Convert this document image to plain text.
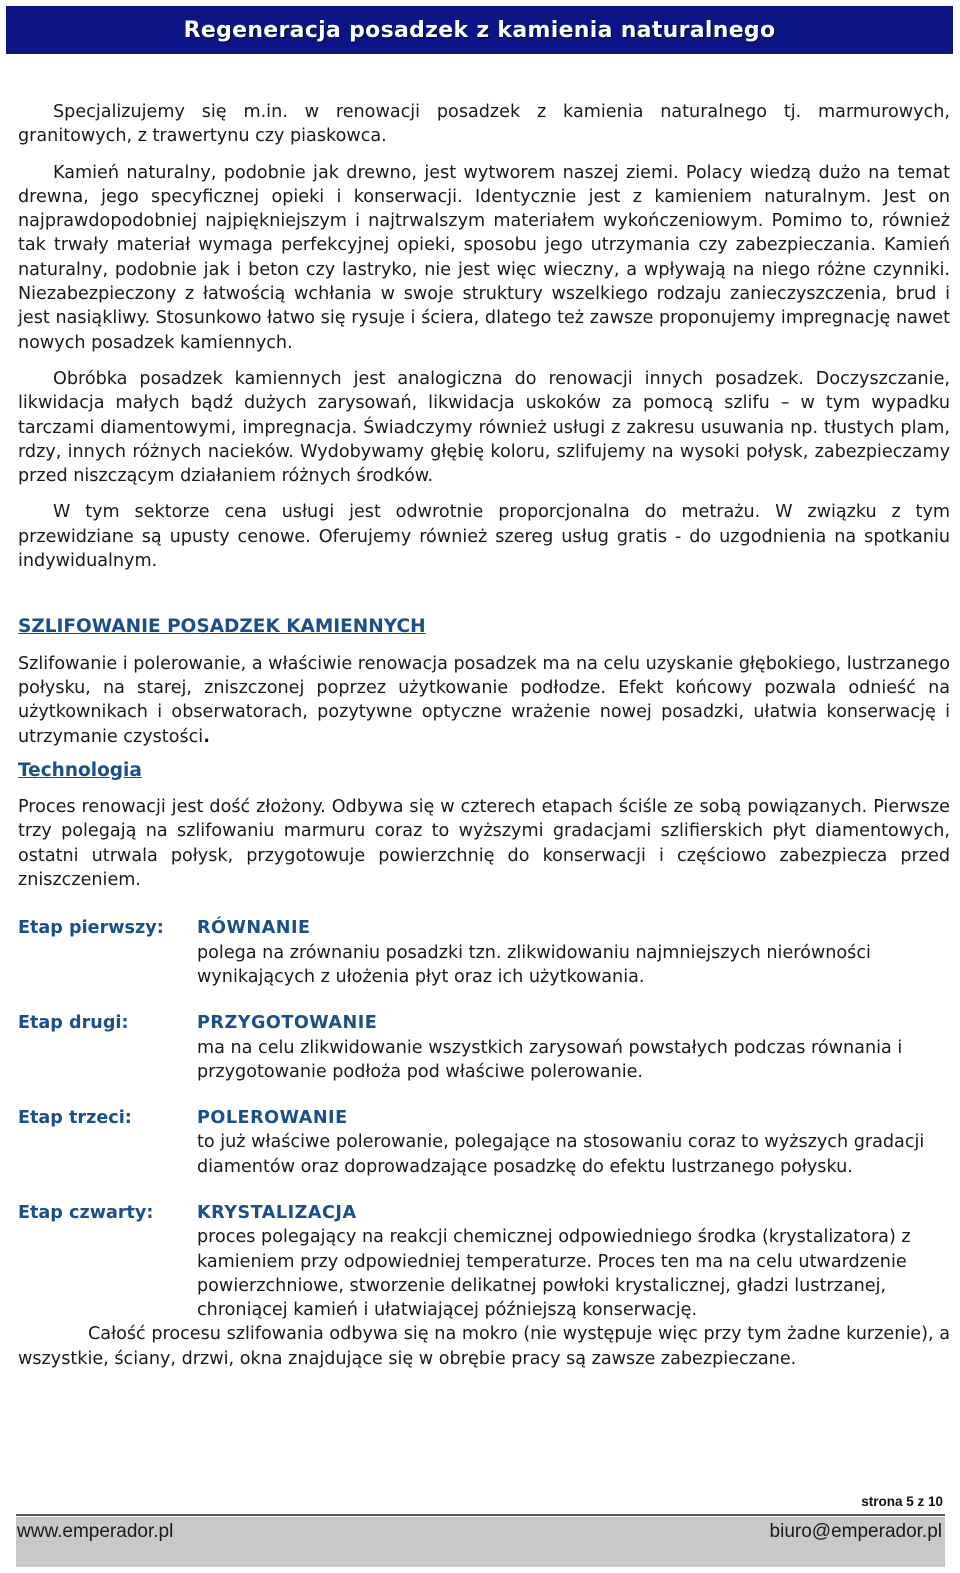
Regeneracja posadzek z kamienia naturalnego

Specjalizujemy się m.in. w renowacji posadzek z kamienia naturalnego tj. marmurowych, granitowych, z trawertynu czy piaskowca.

Kamień naturalny, podobnie jak drewno, jest wytworem naszej ziemi. Polacy wiedzą dużo na temat drewna, jego specyficznej opieki i konserwacji. Identycznie jest z kamieniem naturalnym. Jest on najprawdopodobniej najpiękniejszym i najtrwalszym materiałem wykończeniowym. Pomimo to, również tak trwały materiał wymaga perfekcyjnej opieki, sposobu jego utrzymania czy zabezpieczania. Kamień naturalny, podobnie jak i beton czy lastryko, nie jest więc wieczny, a wpływają na niego różne czynniki. Niezabezpieczony z łatwością wchłania w swoje struktury wszelkiego rodzaju zanieczyszczenia, brud i jest nasiąkliwy. Stosunkowo łatwo się rysuje i ściera, dlatego też zawsze proponujemy impregnację nawet nowych posadzek kamiennych.

Obróbka posadzek kamiennych jest analogiczna do renowacji innych posadzek. Doczyszczanie, likwidacja małych bądź dużych zarysowań, likwidacja uskoków za pomocą szlifu – w tym wypadku tarczami diamentowymi, impregnacja. Świadczymy również usługi z zakresu usuwania np. tłustych plam, rdzy, innych różnych nacieków. Wydobywamy głębię koloru, szlifujemy na wysoki połysk, zabezpieczamy przed niszczącym działaniem różnych środków.

W tym sektorze cena usługi jest odwrotnie proporcjonalna do metrażu. W związku z tym przewidziane są upusty cenowe. Oferujemy również szereg usług gratis - do uzgodnienia na spotkaniu indywidualnym.

SZLIFOWANIE POSADZEK KAMIENNYCH

Szlifowanie i polerowanie, a właściwie renowacja posadzek ma na celu uzyskanie głębokiego, lustrzanego połysku, na starej, zniszczonej poprzez użytkowanie podłodze. Efekt końcowy pozwala odnieść na użytkownikach i obserwatorach, pozytywne optyczne wrażenie nowej posadzki, ułatwia konserwację i utrzymanie czystości.

Technologia

Proces renowacji jest dość złożony. Odbywa się w czterech etapach ściśle ze sobą powiązanych. Pierwsze trzy polegają na szlifowaniu marmuru coraz to wyższymi gradacjami szlifierskich płyt diamentowych, ostatni utrwala połysk, przygotowuje powierzchnię do konserwacji i częściowo zabezpiecza przed zniszczeniem.

Etap pierwszy:	RÓWNANIE
polega na zrównaniu posadzki tzn. zlikwidowaniu najmniejszych nierówności wynikających z ułożenia płyt oraz ich użytkowania.
Etap drugi:	PRZYGOTOWANIE
ma na celu zlikwidowanie wszystkich zarysowań powstałych podczas równania i przygotowanie podłoża pod właściwe polerowanie.
Etap trzeci:	POLEROWANIE
to już właściwe polerowanie, polegające na stosowaniu coraz to wyższych gradacji diamentów oraz doprowadzające posadzkę do efektu lustrzanego połysku.
Etap czwarty:	KRYSTALIZACJA
proces polegający na reakcji chemicznej odpowiedniego środka (krystalizatora) z kamieniem przy odpowiedniej temperaturze. Proces ten ma na celu utwardzenie powierzchniowe, stworzenie delikatnej powłoki krystalicznej, gładzi lustrzanej, chroniącej kamień i ułatwiającej późniejszą konserwację.

Całość procesu szlifowania odbywa się na mokro (nie występuje więc przy tym żadne kurzenie), a wszystkie, ściany, drzwi, okna znajdujące się w obrębie pracy są zawsze zabezpieczane.

strona 5 z 10
www.emperador.pl	biuro@emperador.pl
